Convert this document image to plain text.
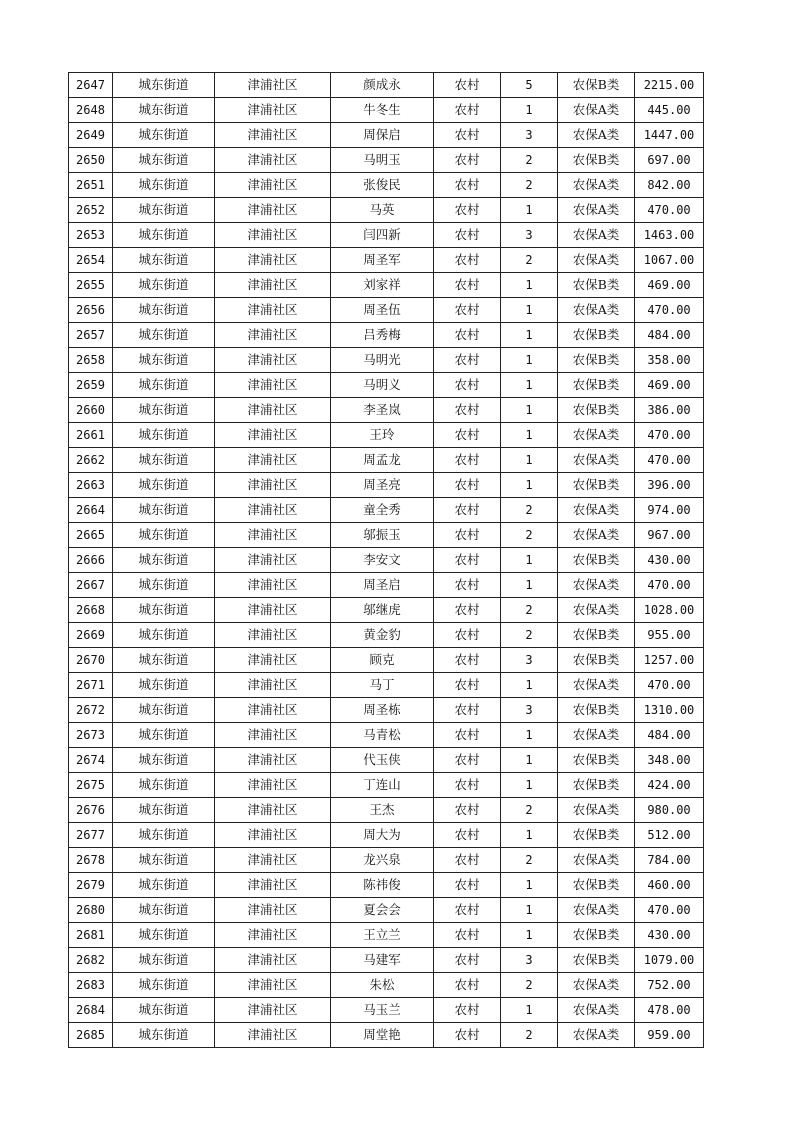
2647	城东街道	津浦社区	颜成永	农村	5	农保B类	2215.00
2648	城东街道	津浦社区	牛冬生	农村	1	农保A类	445.00
2649	城东街道	津浦社区	周保启	农村	3	农保A类	1447.00
2650	城东街道	津浦社区	马明玉	农村	2	农保B类	697.00
2651	城东街道	津浦社区	张俊民	农村	2	农保A类	842.00
2652	城东街道	津浦社区	马英	农村	1	农保A类	470.00
2653	城东街道	津浦社区	闫四新	农村	3	农保A类	1463.00
2654	城东街道	津浦社区	周圣军	农村	2	农保A类	1067.00
2655	城东街道	津浦社区	刘家祥	农村	1	农保B类	469.00
2656	城东街道	津浦社区	周圣伍	农村	1	农保A类	470.00
2657	城东街道	津浦社区	吕秀梅	农村	1	农保B类	484.00
2658	城东街道	津浦社区	马明光	农村	1	农保B类	358.00
2659	城东街道	津浦社区	马明义	农村	1	农保B类	469.00
2660	城东街道	津浦社区	李圣岚	农村	1	农保B类	386.00
2661	城东街道	津浦社区	王玲	农村	1	农保A类	470.00
2662	城东街道	津浦社区	周孟龙	农村	1	农保A类	470.00
2663	城东街道	津浦社区	周圣亮	农村	1	农保B类	396.00
2664	城东街道	津浦社区	童全秀	农村	2	农保A类	974.00
2665	城东街道	津浦社区	邬振玉	农村	2	农保A类	967.00
2666	城东街道	津浦社区	李安文	农村	1	农保B类	430.00
2667	城东街道	津浦社区	周圣启	农村	1	农保A类	470.00
2668	城东街道	津浦社区	邬继虎	农村	2	农保A类	1028.00
2669	城东街道	津浦社区	黄金豹	农村	2	农保B类	955.00
2670	城东街道	津浦社区	顾克	农村	3	农保B类	1257.00
2671	城东街道	津浦社区	马丁	农村	1	农保A类	470.00
2672	城东街道	津浦社区	周圣栋	农村	3	农保B类	1310.00
2673	城东街道	津浦社区	马青松	农村	1	农保A类	484.00
2674	城东街道	津浦社区	代玉侠	农村	1	农保B类	348.00
2675	城东街道	津浦社区	丁连山	农村	1	农保B类	424.00
2676	城东街道	津浦社区	王杰	农村	2	农保A类	980.00
2677	城东街道	津浦社区	周大为	农村	1	农保B类	512.00
2678	城东街道	津浦社区	龙兴泉	农村	2	农保A类	784.00
2679	城东街道	津浦社区	陈祎俊	农村	1	农保B类	460.00
2680	城东街道	津浦社区	夏会会	农村	1	农保A类	470.00
2681	城东街道	津浦社区	王立兰	农村	1	农保B类	430.00
2682	城东街道	津浦社区	马建军	农村	3	农保B类	1079.00
2683	城东街道	津浦社区	朱松	农村	2	农保A类	752.00
2684	城东街道	津浦社区	马玉兰	农村	1	农保A类	478.00
2685	城东街道	津浦社区	周堂艳	农村	2	农保A类	959.00
